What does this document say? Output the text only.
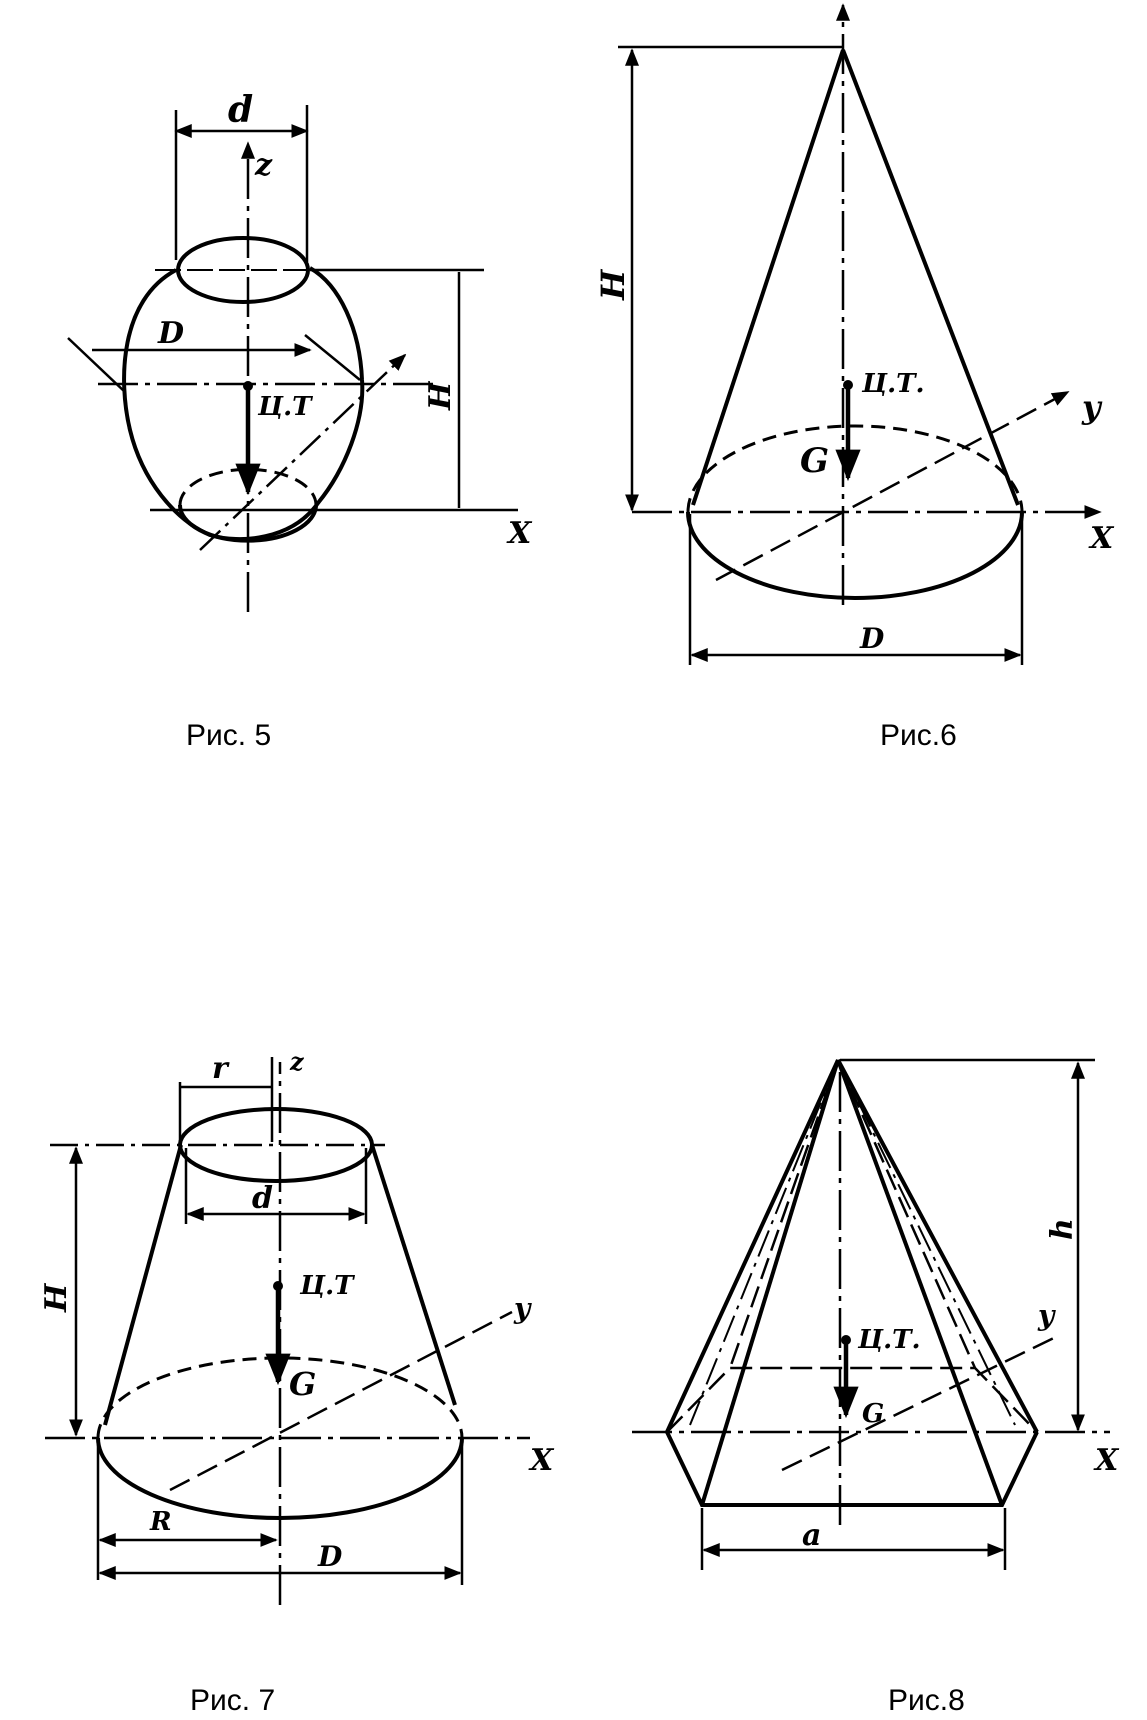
d
z
D
H
Ц.Т
X
Рис. 5
H
Ц.Т.
G
y
X
D
Рис.6
r	z
d
H	Ц.Т
G
y
X
R
D
Рис. 7
h
Ц.Т.
y
G
X
a
Рис.8
